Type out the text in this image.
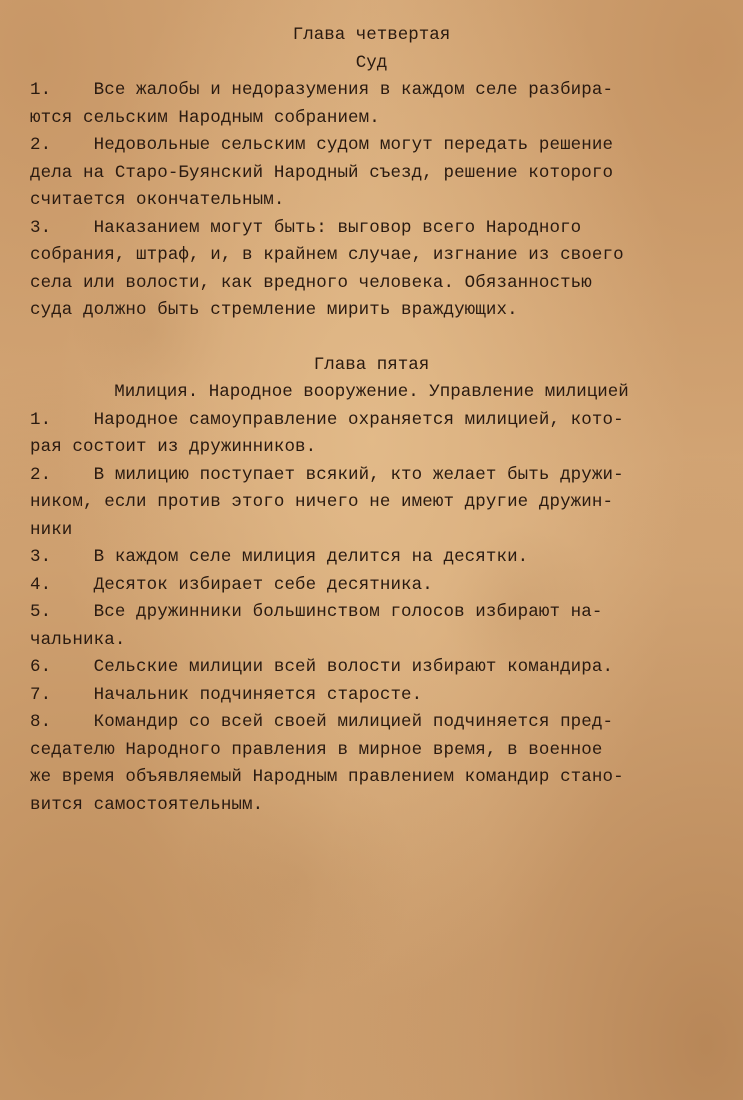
Глава четвертая
Суд
1.    Все жалобы и недоразумения в каждом селе разбира-
ются сельским Народным собранием.
2.    Недовольные сельским судом могут передать решение
дела на Старо-Буянский Народный съезд, решение которого
считается окончательным.
3.    Наказанием могут быть: выговор всего Народного
собрания, штраф, и, в крайнем случае, изгнание из своего
села или волости, как вредного человека. Обязанностью
суда должно быть стремление мирить враждующих.
Глава пятая
Милиция. Народное вооружение. Управление милицией
1.    Народное самоуправление охраняется милицией, кото-
рая состоит из дружинников.
2.    В милицию поступает всякий, кто желает быть дружи-
ником, если против этого ничего не имеют другие дружин-
ники
3.    В каждом селе милиция делится на десятки.
4.    Десяток избирает себе десятника.
5.    Все дружинники большинством голосов избирают на-
чальника.
6.    Сельские милиции всей волости избирают командира.
7.    Начальник подчиняется старосте.
8.    Командир со всей своей милицией подчиняется пред-
седателю Народного правления в мирное время, в военное
же время объявляемый Народным правлением командир стано-
вится самостоятельным.
